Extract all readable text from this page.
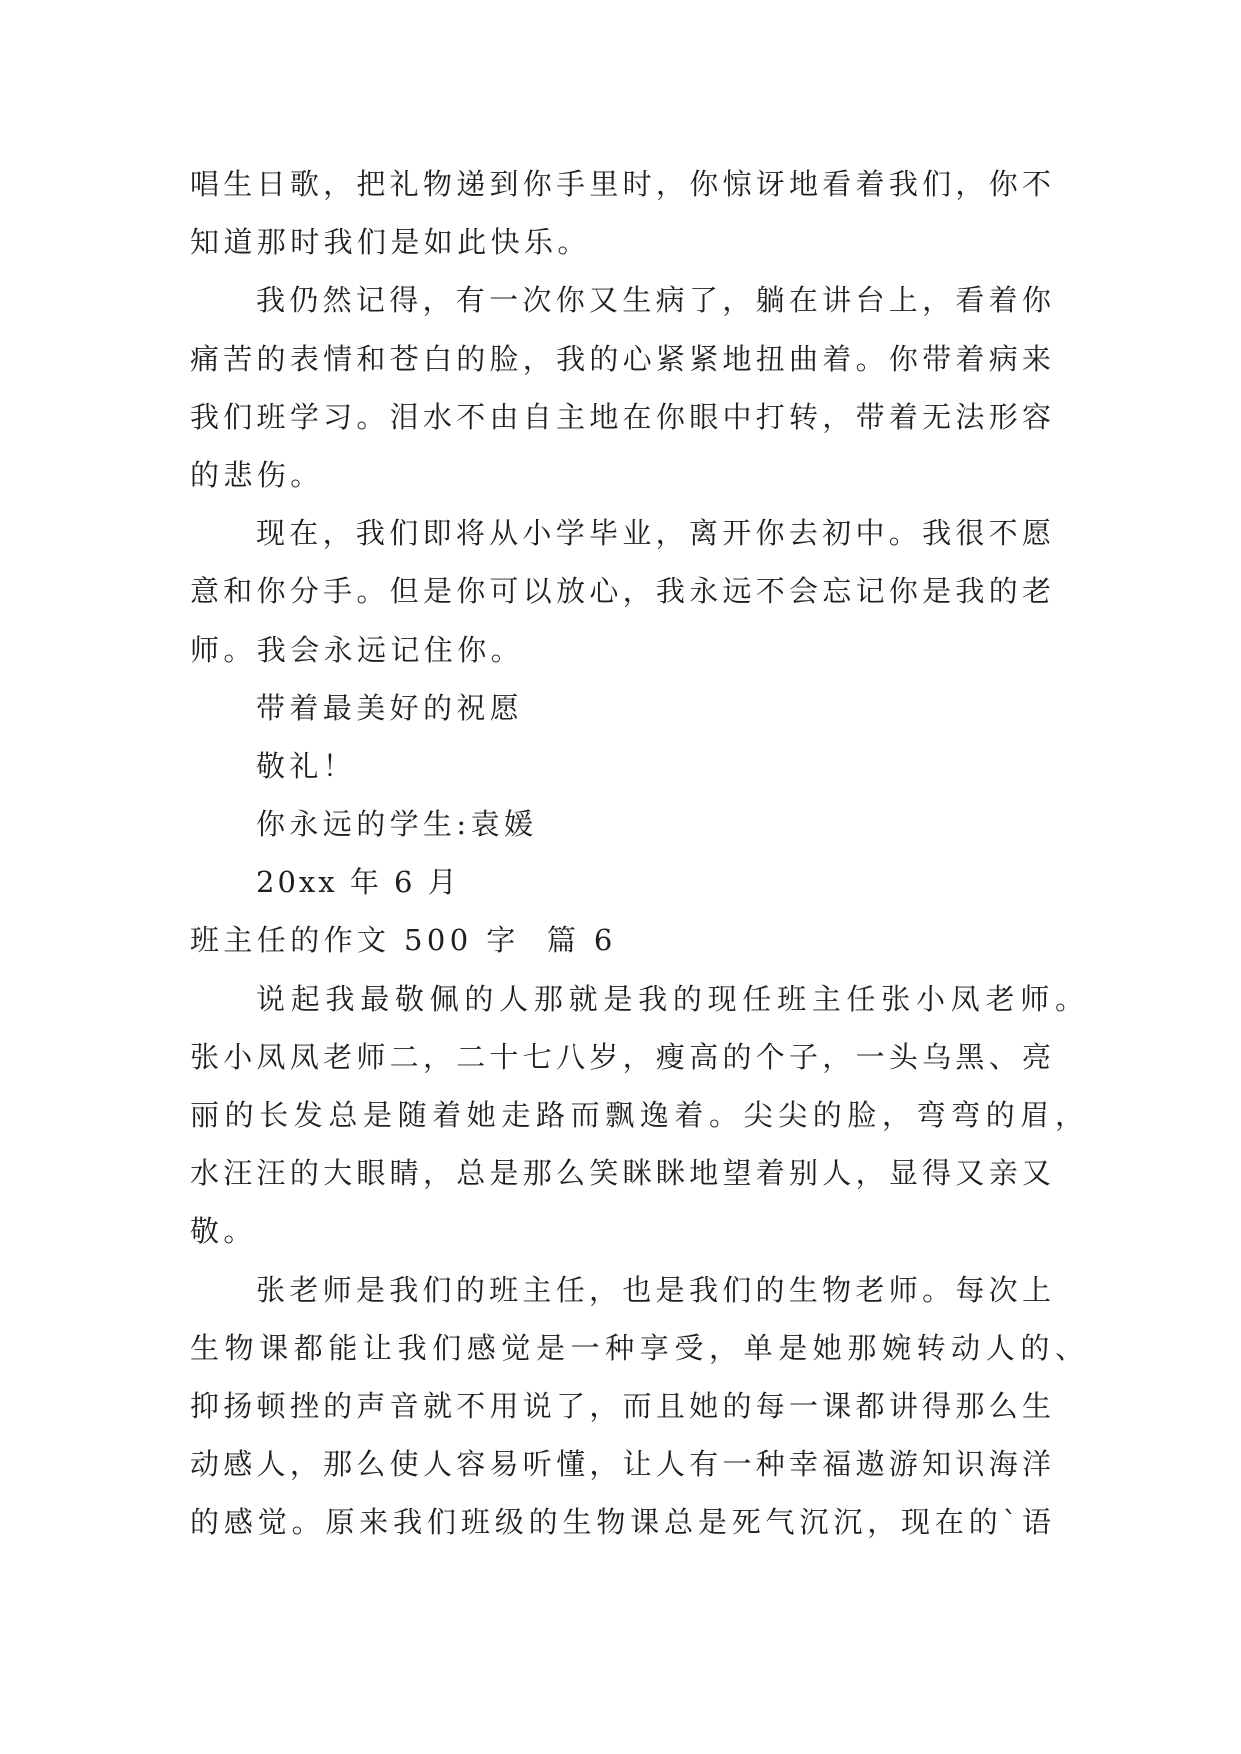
唱生日歌，把礼物递到你手里时，你惊讶地看着我们，你不
知道那时我们是如此快乐。
我仍然记得，有一次你又生病了，躺在讲台上，看着你
痛苦的表情和苍白的脸，我的心紧紧地扭曲着。你带着病来
我们班学习。泪水不由自主地在你眼中打转，带着无法形容
的悲伤。
现在，我们即将从小学毕业，离开你去初中。我很不愿
意和你分手。但是你可以放心，我永远不会忘记你是我的老
师。我会永远记住你。
带着最美好的祝愿
敬礼！
你永远的学生:袁媛
20xx 年 6 月
班主任的作文 500 字  篇 6
说起我最敬佩的人那就是我的现任班主任张小凤老师。
张小凤凤老师二，二十七八岁，瘦高的个子，一头乌黑、亮
丽的长发总是随着她走路而飘逸着。尖尖的脸，弯弯的眉，
水汪汪的大眼睛，总是那么笑眯眯地望着别人，显得又亲又
敬。
张老师是我们的班主任，也是我们的生物老师。每次上
生物课都能让我们感觉是一种享受，单是她那婉转动人的、
抑扬顿挫的声音就不用说了，而且她的每一课都讲得那么生
动感人，那么使人容易听懂，让人有一种幸福遨游知识海洋
的感觉。原来我们班级的生物课总是死气沉沉，现在的`语
